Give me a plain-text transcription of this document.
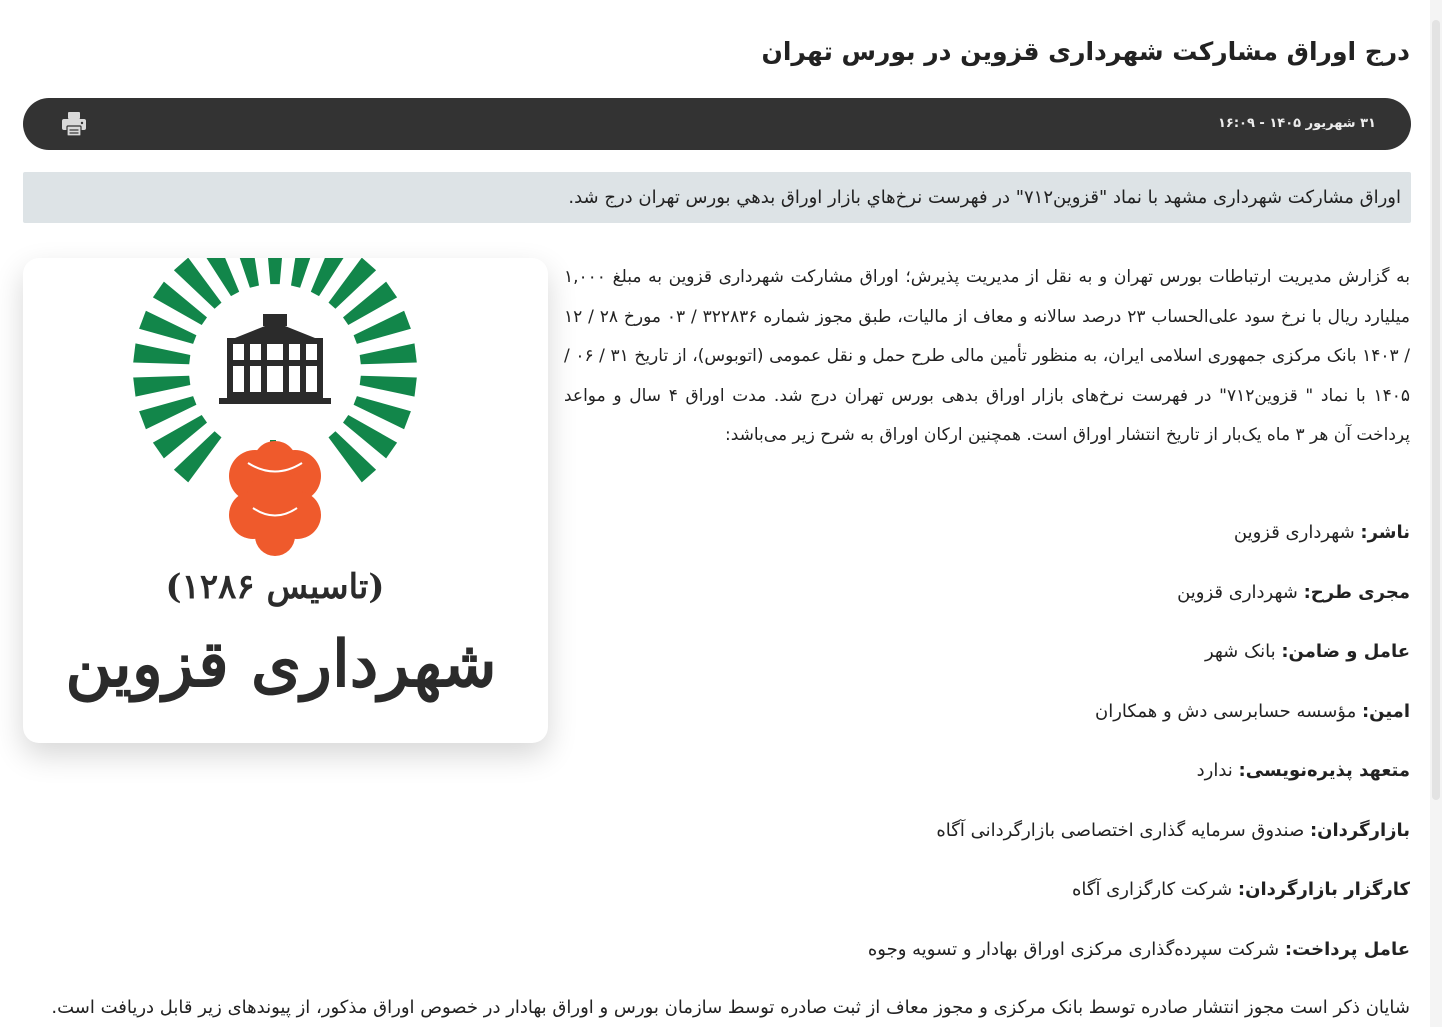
درج اوراق مشارکت شهرداری قزوین در بورس تهران
۳۱ شهریور ۱۴۰۵ - ۱۶:۰۹
اوراق مشارکت شهرداری مشهد با نماد "قزوین۷۱۲" در فهرست نرخ‌هاي بازار اوراق بدهي بورس تهران درج شد.
(تاسیس ۱۲۸۶)
شهرداری قزوین

به گزارش مدیریت ارتباطات بورس تهران و به نقل از مدیریت پذیرش؛ اوراق مشارکت شهرداری قزوین به مبلغ ۱,۰۰۰ میلیارد ریال با نرخ سود علی‌الحساب ۲۳ درصد سالانه و معاف از مالیات، طبق مجوز شماره ۳۲۲۸۳۶ / ۰۳ مورخ ۲۸ / ۱۲ / ۱۴۰۳ بانک مرکزی جمهوری اسلامی ایران، به منظور تأمین مالی طرح حمل و نقل عمومی (اتوبوس)، از تاریخ ۳۱ / ۰۶ / ۱۴۰۵ با نماد " قزوین۷۱۲" در فهرست نرخ‌های بازار اوراق بدهی بورس تهران درج شد. مدت اوراق ۴ سال و مواعد پرداخت آن هر ۳ ماه یک‌بار از تاریخ انتشار اوراق است. همچنین ارکان اوراق به شرح زیر می‌باشد:

ناشر: شهرداری قزوین

مجری طرح: شهرداری قزوین

عامل و ضامن: بانک شهر

امین: مؤسسه حسابرسی دش و همکاران

متعهد پذیره‌نویسی: ندارد

بازارگردان: صندوق سرمایه گذاری اختصاصی بازارگردانی آگاه

کارگزار بازارگردان: شرکت کارگزاری آگاه

عامل پرداخت: شرکت سپرده‌گذاری مرکزی اوراق بهادار و تسویه وجوه

شایان ذکر است مجوز انتشار صادره توسط بانک مرکزی و مجوز معاف از ثبت صادره توسط سازمان بورس و اوراق بهادار در خصوص اوراق مذکور، از پیوندهای زیر قابل دریافت است.
